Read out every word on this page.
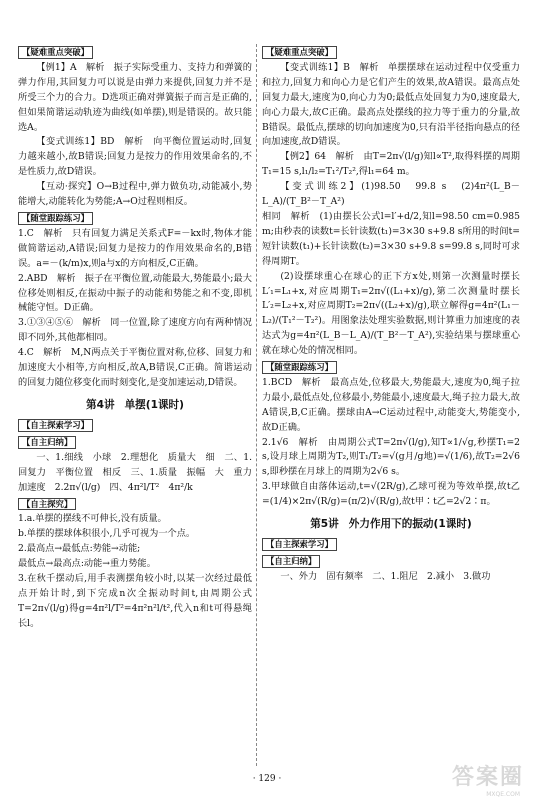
【疑难重点突破】

【例1】A　解析　振子实际受重力、支持力和弹簧的弹力作用,其回复力可以说是由弹力来提供,回复力并不是所受三个力的合力。D选项正确对弹簧振子而言是正确的,但如果简谐运动轨迹为曲线(如单摆),则是错误的。故只能选A。

【变式训练1】BD　解析　向平衡位置运动时,回复力越来越小,故B错误;回复力是按力的作用效果命名的,不是性质力,故D错误。

【互动·探究】O→B过程中,弹力做负功,动能减小,势能增大,动能转化为势能;A→O过程则相反。

【随堂跟踪练习】

1.C　解析　只有回复力满足关系式F=－kx时,物体才能做简谐运动,A错误;回复力是按力的作用效果命名的,B错误。a=－(k/m)x,则a与x的方向相反,C正确。

2.ABD　解析　振子在平衡位置,动能最大,势能最小;最大位移处则相反,在振动中振子的动能和势能之和不变,即机械能守恒。D正确。

3.①③④⑤⑥　解析　同一位置,除了速度方向有两种情况即不同外,其他都相同。

4.C　解析　M,N两点关于平衡位置对称,位移、回复力和加速度大小相等,方向相反,故A,B错误,C正确。简谐运动的回复力随位移变化而时刻变化,是变加速运动,D错误。

第4讲 单摆(1课时)
【自主探索学习】
【自主归纳】

一、1.细线　小球　2.理想化　质量大　细　二、1.回复力　平衡位置　相反　三、1.质量　振幅　大　重力加速度　2.2π√(l/g)　四、4π²l/T²　4π²/k

【自主探究】

1.a.单摆的摆线不可伸长,没有质量。

b.单摆的摆球体积很小,几乎可视为一个点。

2.最高点→最低点:势能→动能;

最低点→最高点:动能→重力势能。

3.在秋千摆动后,用手表测摆角较小时,以某一次经过最低点开始计时,到下完成n次全振动时间t,由周期公式T=2π√(l/g)得g=4π²l/T²=4π²n²l/t²,代入n和t可得悬绳长l。

【疑难重点突破】

【变式训练1】B　解析　单摆摆球在运动过程中仅受重力和拉力,回复力和向心力是它们产生的效果,故A错误。最高点处回复力最大,速度为0,向心力为0;最低点处回复力为0,速度最大,向心力最大,故C正确。最高点处摆线的拉力等于重力的分量,故B错误。最低点,摆球的切向加速度为0,只有沿半径指向悬点的径向加速度,故D错误。

【例2】64　解析　由T=2π√(l/g)知l∝T²,取得料摆的周期T₁=15 s,l₁/l₂=T₁²/T₂²,得l₁=64 m。

【变式训练2】(1)98.50　99.8 s　(2)4π²(L_B－L_A)/(T_B²－T_A²)

相同　解析　(1)由摆长公式l=l′+d/2,知l=98.50 cm=0.985 m;由秒表的读数t=长针读数(t₁)=3×30 s+9.8 s所用的时间t=短针读数(t₁)+长针读数(t₂)=3×30 s+9.8 s=99.8 s,同时可求得周期T。

(2)设摆球重心在球心的正下方x处,则第一次测量时摆长L′₁=L₁+x,对应周期T₁=2π√((L₁+x)/g),第二次测量时摆长L′₂=L₂+x,对应周期T₂=2π√((L₂+x)/g),联立解得g=4π²(L₁－L₂)/(T₁²－T₂²)。用图象法处理实验数据,则计算重力加速度的表达式为g=4π²(L_B－L_A)/(T_B²－T_A²),实验结果与摆球重心就在球心处的情况相同。

【随堂跟踪练习】

1.BCD　解析　最高点处,位移最大,势能最大,速度为0,绳子拉力最小,最低点处,位移最小,势能最小,速度最大,绳子拉力最大,故A错误,B,C正确。摆球由A→C运动过程中,动能变大,势能变小,故D正确。

2.1√6　解析　由周期公式T=2π√(l/g),知T∝1/√g,秒摆T₁=2 s,设月球上周期为T₂,则T₁/T₂=√(g月/g地)=√(1/6),故T₂=2√6 s,即秒摆在月球上的周期为2√6 s。

3.甲球做自由落体运动,t=√(2R/g),乙球可视为等效单摆,故t乙=(1/4)×2π√(R/g)=(π/2)√(R/g),故t甲∶t乙=2√2∶π。

第5讲 外力作用下的振动(1课时)
【自主探索学习】
【自主归纳】

一、外力　固有频率　二、1.阻尼　2.减小　3.做功

· 129 ·	答案圈
MXQE.COM
